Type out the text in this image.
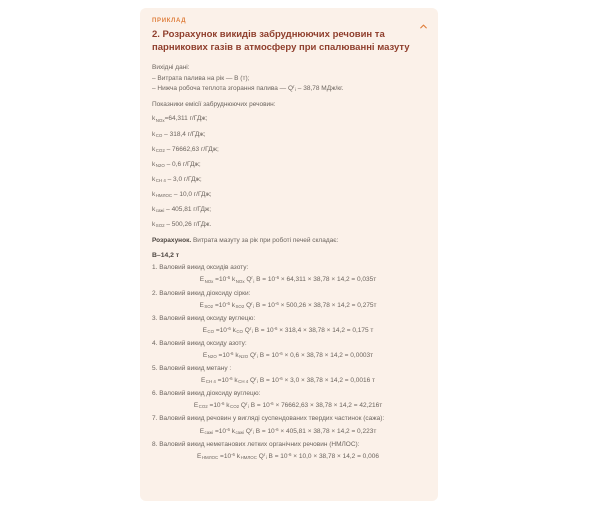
ПРИКЛАД
2. Розрахунок викидів забруднюючих речовин та парникових газів в атмосферу при спалюванні мазуту

Вихідні дані:

– Витрата палива на рік — В (т);

– Нижча робоча теплота згорання палива — $Q^r_i - 38,78$ МДж/кг.

Показники емісії забруднюючих речовин:

$k_{NOx}=64,311$ г/ГДж;

$k_{CO} - 318,4$ г/ГДж;

$k_{CO2} - 76662,63$ г/ГДж;

$k_{N2O} - 0,6$ г/ГДж;

$k_{CH 4} - 3,0$ г/ГДж;

$k_{НМЛОС} - 10,0$ г/ГДж;

$k_{сажі} - 405,81$ г/ГДж;

$k_{SO2} - 500,26$ г/ГДж.

Розрахунок. Витрата мазуту за рік при роботі печей складає:

В–14,2 т

1. Валовий викид оксидів азоту:

$E_{NOx} =10^{-6}$ $k_{NOx}$ $Q^r_i$ $В = 10^{-6} \times 64,311 \times 38,78 \times 14,2 = 0,035т$

2. Валовий викид діоксиду сірки:

$E_{SO2} =10^{-6}$ $k_{SO2}$ $Q^r_i$ $В = 10^{-6} \times 500,26 \times 38,78 \times 14,2 = 0,275т$

3. Валовий викид оксиду вуглецю:

$E_{CO} =10^{-6}$ $k_{CO}$ $Q^r_i$ $В = 10^{-6} \times 318,4 \times 38,78 \times 14,2 = 0,175$ т

4. Валовий викид оксиду азоту:

$E_{N2O} =10^{-6}$ $k_{N2O}$ $Q^r_i$ $В = 10^{-6} \times 0,6 \times 38,78 \times 14,2 = 0,0003т$

5. Валовий викид метану :

$E_{CH 4} =10^{-6}$ $k_{CH 4}$ $Q^r_i$ $В = 10^{-6} \times 3,0 \times 38,78 \times 14,2 = 0,0016$ т

6. Валовий викид діоксиду вуглецю:

$E_{CO2} =10^{-6}$ $k_{CO2}$ $Q^r_i$ $В = 10^{-6} \times 76662,63 \times 38,78 \times 14,2 = 42,216т$

7. Валовий викид речовин у вигляді суспендованих твердих частинок (сажа):

$E_{сажі} =10^{-6}$ $k_{сажі}$ $Q^r_i$ $В = 10^{-6} \times 405,81 \times 38,78 \times 14,2 = 0,223т$

8. Валовий викид неметанових летких органічних речовин (НМЛОС):

$E_{НМЛОС} =10^{-6}$ $k_{НМЛОС}$ $Q^r_i$ $В = 10^{-6} \times 10,0 \times 38,78 \times 14,2 = 0,006$
